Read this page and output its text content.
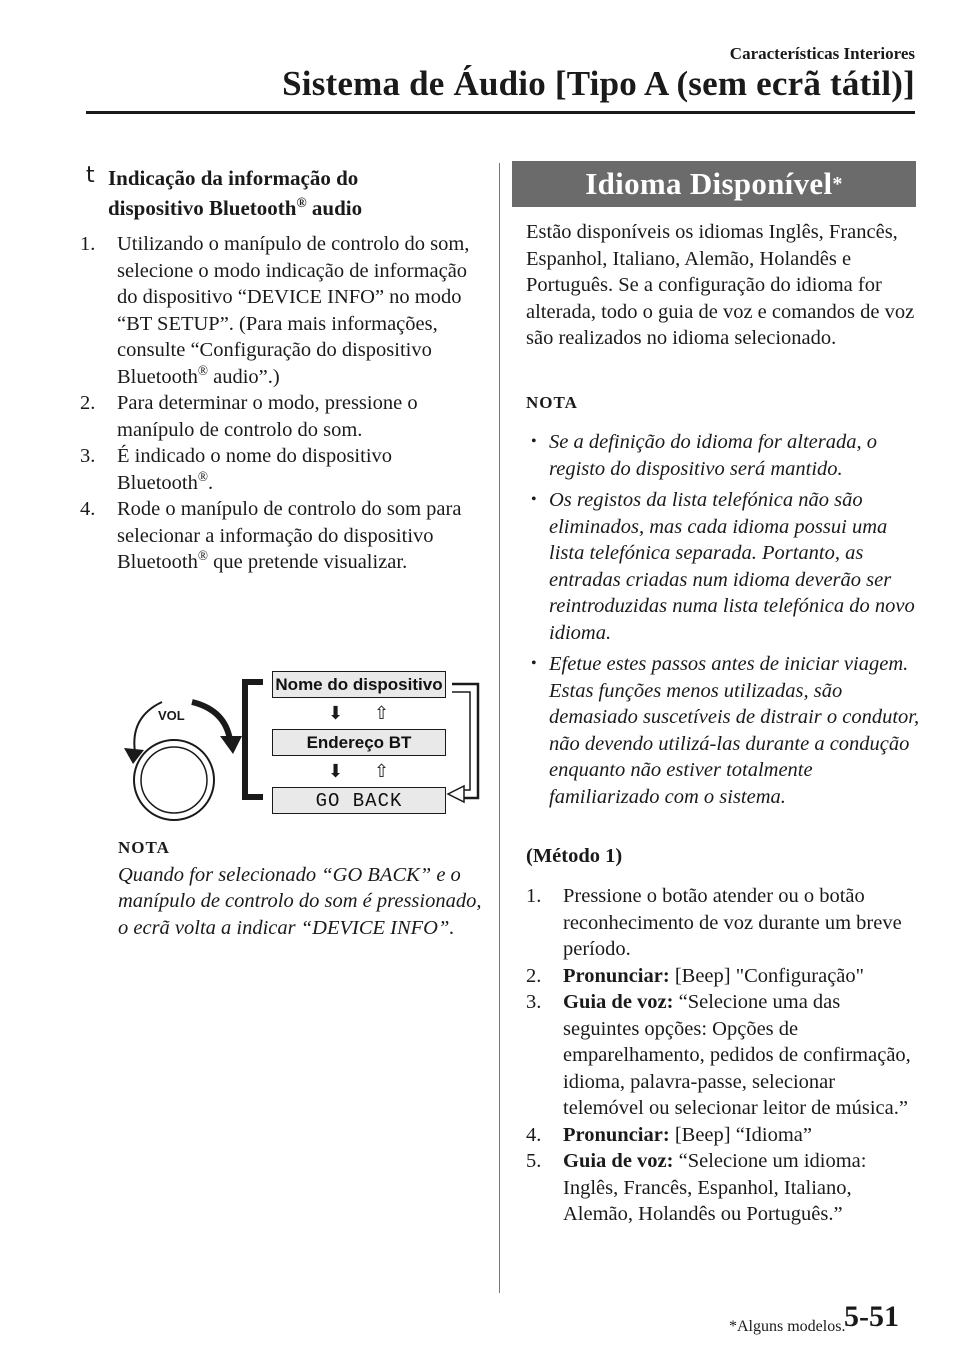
Características Interiores
Sistema de Áudio [Tipo A (sem ecrã tátil)]
t Indicação da informação do
dispositivo Bluetooth® audio
1.	Utilizando o manípulo de controlo do som, selecione o modo indicação de informação do dispositivo “DEVICE INFO” no modo “BT SETUP”. (Para mais informações, consulte “Configuração do dispositivo Bluetooth® audio”.)
2.	Para determinar o modo, pressione o manípulo de controlo do som.
3.	É indicado o nome do dispositivo Bluetooth®.
4.	Rode o manípulo de controlo do som para selecionar a informação do dispositivo Bluetooth® que pretende visualizar.
VOL
Nome do dispositivo
⬇ ⇧
Endereço BT
⬇ ⇧
GO BACK
NOTA
Quando for selecionado “GO BACK” e o manípulo de controlo do som é pressionado, o ecrã volta a indicar “DEVICE INFO”.
Idioma Disponível *
Estão disponíveis os idiomas Inglês, Francês, Espanhol, Italiano, Alemão, Holandês e Português. Se a configuração do idioma for alterada, todo o guia de voz e comandos de voz são realizados no idioma selecionado.
NOTA
• Se a definição do idioma for alterada, o registo do dispositivo será mantido.
• Os registos da lista telefónica não são eliminados, mas cada idioma possui uma lista telefónica separada. Portanto, as entradas criadas num idioma deverão ser reintroduzidas numa lista telefónica do novo idioma.
• Efetue estes passos antes de iniciar viagem. Estas funções menos utilizadas, são demasiado suscetíveis de distrair o condutor, não devendo utilizá-las durante a condução enquanto não estiver totalmente familiarizado com o sistema.
(Método 1)
1.	Pressione o botão atender ou o botão reconhecimento de voz durante um breve período.
2.	Pronunciar: [Beep] "Configuração"
3.	Guia de voz: “Selecione uma das seguintes opções: Opções de emparelhamento, pedidos de confirmação, idioma, palavra-passe, selecionar telemóvel ou selecionar leitor de música.”
4.	Pronunciar: [Beep] “Idioma”
5.	Guia de voz: “Selecione um idioma: Inglês, Francês, Espanhol, Italiano, Alemão, Holandês ou Português.”
*Alguns modelos.
5-51
